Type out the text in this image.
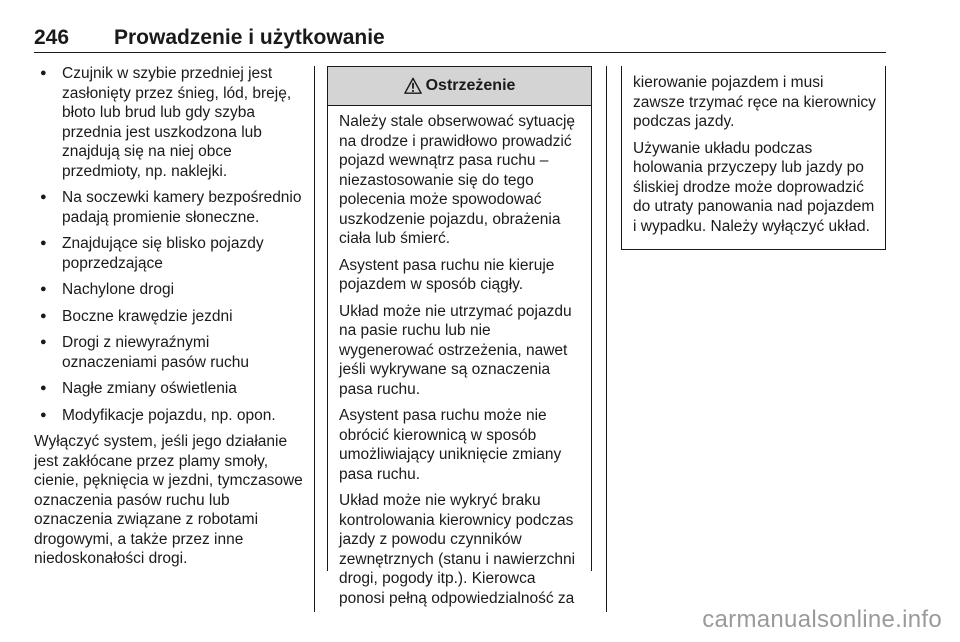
246 Prowadzenie i użytkowanie
● Czujnik w szybie przedniej jest zasłonięty przez śnieg, lód, breję, błoto lub brud lub gdy szyba przednia jest uszkodzona lub znajdują się na niej obce przedmioty, np. naklejki.
● Na soczewki kamery bezpośrednio padają promienie słoneczne.
● Znajdujące się blisko pojazdy poprzedzające
● Nachylone drogi
● Boczne krawędzie jezdni
● Drogi z niewyraźnymi oznaczeniami pasów ruchu
● Nagłe zmiany oświetlenia
● Modyfikacje pojazdu, np. opon.

Wyłączyć system, jeśli jego działanie jest zakłócane przez plamy smoły, cienie, pęknięcia w jezdni, tymczasowe oznaczenia pasów ruchu lub oznaczenia związane z robotami drogowymi, a także przez inne niedoskonałości drogi.

Ostrzeżenie

Należy stale obserwować sytuację na drodze i prawidłowo prowadzić pojazd wewnątrz pasa ruchu – niezastosowanie się do tego polecenia może spowodować uszkodzenie pojazdu, obrażenia ciała lub śmierć.

Asystent pasa ruchu nie kieruje pojazdem w sposób ciągły.

Układ może nie utrzymać pojazdu na pasie ruchu lub nie wygenerować ostrzeżenia, nawet jeśli wykrywane są oznaczenia pasa ruchu.

Asystent pasa ruchu może nie obrócić kierownicą w sposób umożliwiający uniknięcie zmiany pasa ruchu.

Układ może nie wykryć braku kontrolowania kierownicy podczas jazdy z powodu czynników zewnętrznych (stanu i nawierzchni drogi, pogody itp.). Kierowca ponosi pełną odpowiedzialność za

kierowanie pojazdem i musi zawsze trzymać ręce na kierownicy podczas jazdy.

Używanie układu podczas holowania przyczepy lub jazdy po śliskiej drodze może doprowadzić do utraty panowania nad pojazdem i wypadku. Należy wyłączyć układ.

carmanualsonline.info
